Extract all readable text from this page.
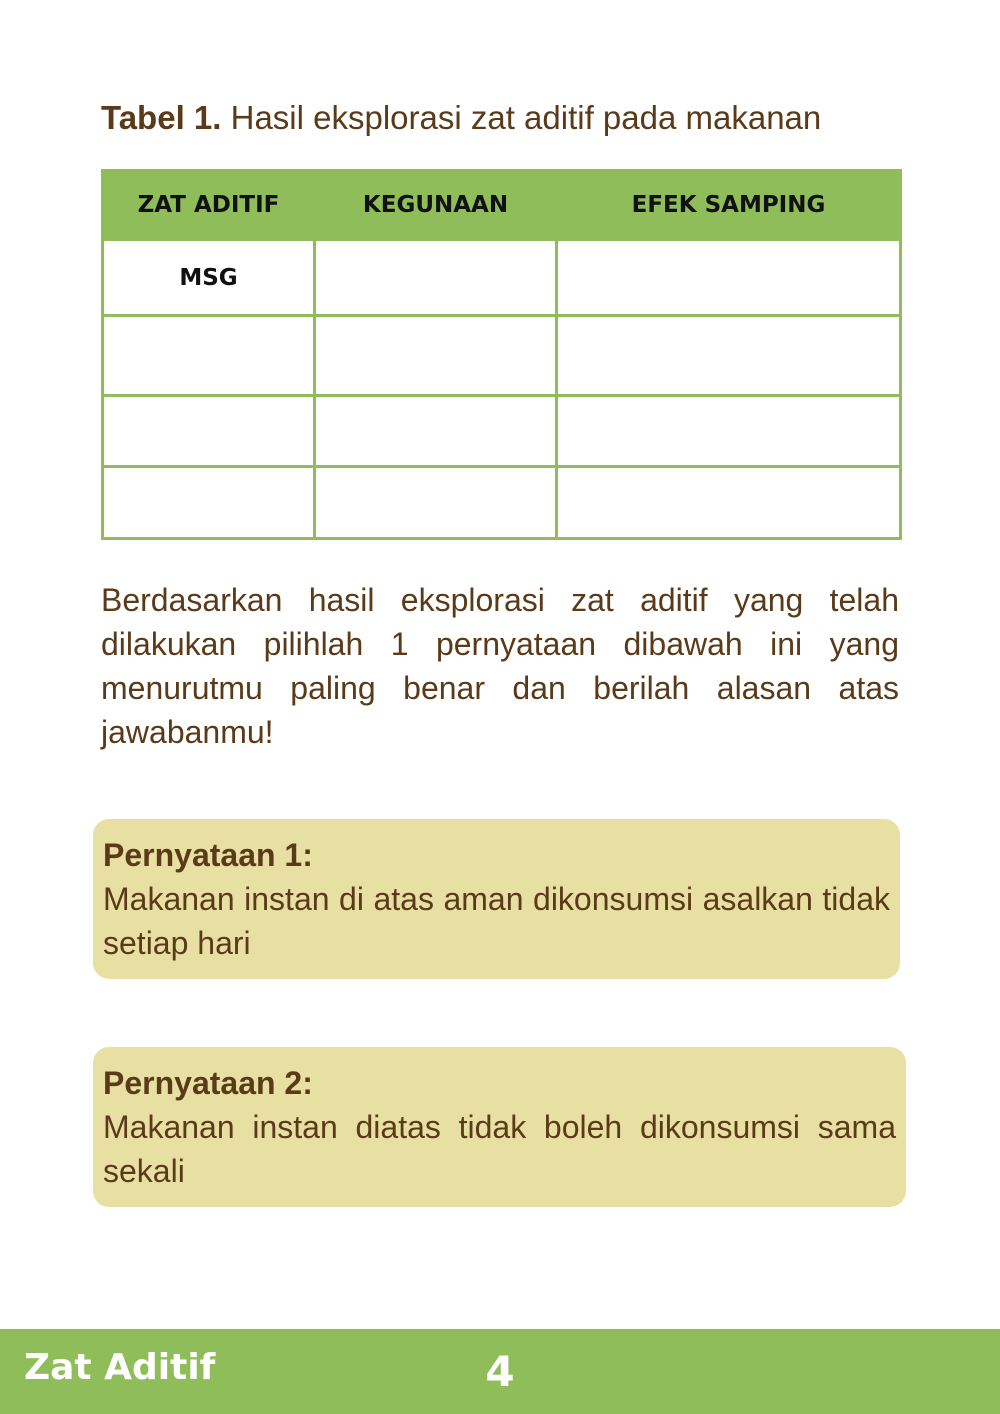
Tabel 1. Hasil eksplorasi zat aditif pada makanan
ZAT ADITIF	KEGUNAAN	EFEK SAMPING
MSG		

Berdasarkan hasil eksplorasi zat aditif yang telah dilakukan pilihlah 1 pernyataan dibawah ini yang menurutmu paling benar dan berilah alasan atas jawabanmu!
Pernyataan 1:
Makanan instan di atas aman dikonsumsi asalkan tidak setiap hari
Pernyataan 2:
Makanan instan diatas tidak boleh dikonsumsi sama sekali
Zat Aditif	4
